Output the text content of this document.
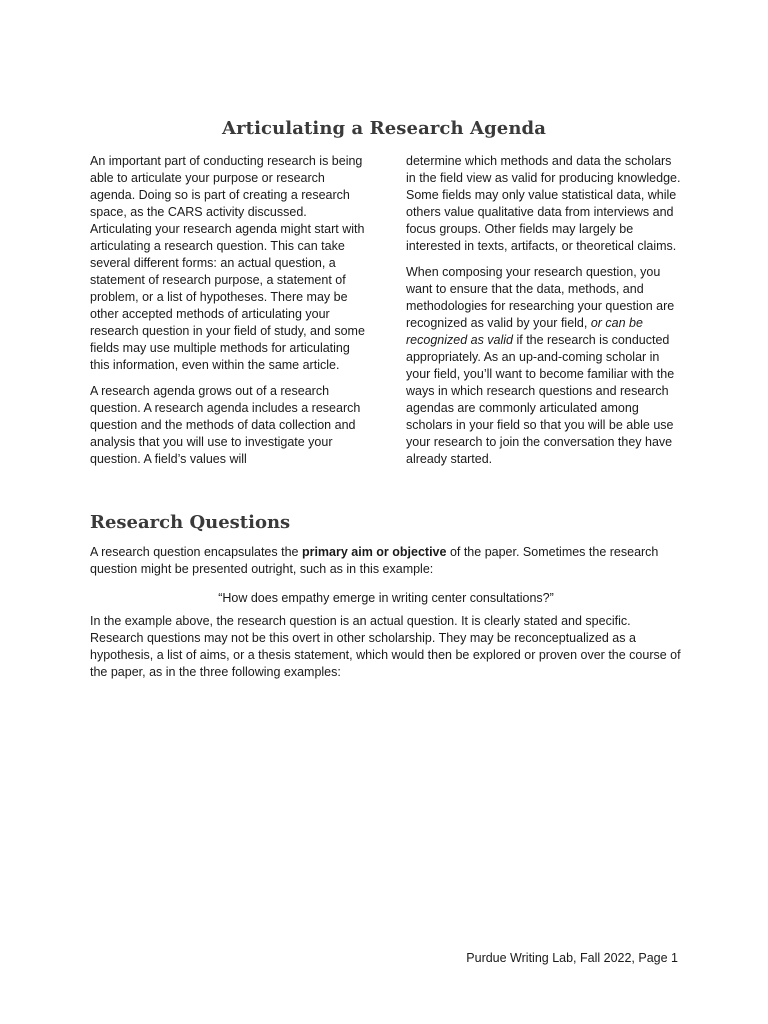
Articulating a Research Agenda

An important part of conducting research is being able to articulate your purpose or research agenda. Doing so is part of creating a research space, as the CARS activity discussed. Articulating your research agenda might start with articulating a research question. This can take several different forms: an actual question, a statement of research purpose, a statement of problem, or a list of hypotheses. There may be other accepted methods of articulating your research question in your field of study, and some fields may use multiple methods for articulating this information, even within the same article.

A research agenda grows out of a research question. A research agenda includes a research question and the methods of data collection and analysis that you will use to investigate your question. A field’s values will

determine which methods and data the scholars in the field view as valid for producing knowledge. Some fields may only value statistical data, while others value qualitative data from interviews and focus groups. Other fields may largely be interested in texts, artifacts, or theoretical claims.

When composing your research question, you want to ensure that the data, methods, and methodologies for researching your question are recognized as valid by your field, or can be recognized as valid if the research is conducted appropriately. As an up-and-coming scholar in your field, you’ll want to become familiar with the ways in which research questions and research agendas are commonly articulated among scholars in your field so that you will be able use your research to join the conversation they have already started.

Research Questions

A research question encapsulates the primary aim or objective of the paper. Sometimes the research question might be presented outright, such as in this example:

“How does empathy emerge in writing center consultations?”

In the example above, the research question is an actual question. It is clearly stated and specific. Research questions may not be this overt in other scholarship. They may be reconceptualized as a hypothesis, a list of aims, or a thesis statement, which would then be explored or proven over the course of the paper, as in the three following examples:

Purdue Writing Lab, Fall 2022, Page 1
